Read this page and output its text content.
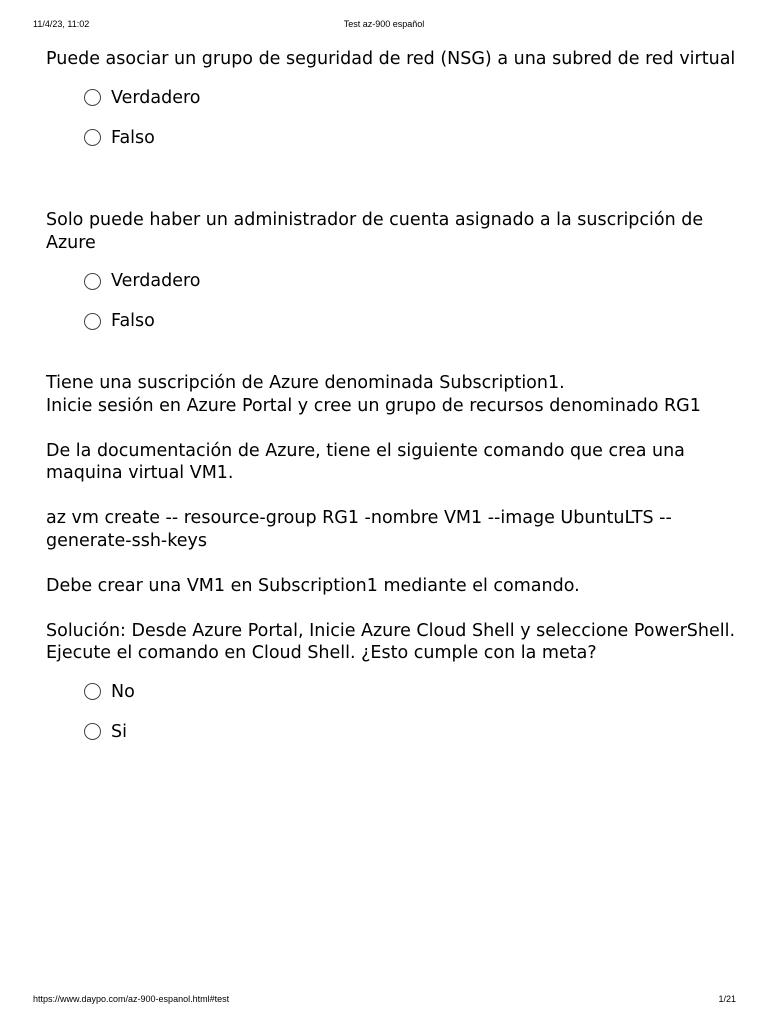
11/4/23, 11:02	Test az-900 español

Puede asociar un grupo de seguridad de red (NSG) a una subred de red virtual

Verdadero
Falso

Solo puede haber un administrador de cuenta asignado a la suscripción de Azure

Verdadero
Falso
Tiene una suscripción de Azure denominada Subscription1.
Inicie sesión en Azure Portal y cree un grupo de recursos denominado RG1

De la documentación de Azure, tiene el siguiente comando que crea una maquina virtual VM1.

az vm create -- resource-group RG1 -nombre VM1 --image UbuntuLTS --generate-ssh-keys

Debe crear una VM1 en Subscription1 mediante el comando.

Solución: Desde Azure Portal, Inicie Azure Cloud Shell y seleccione PowerShell. Ejecute el comando en Cloud Shell. ¿Esto cumple con la meta?

No
Si
https://www.daypo.com/az-900-espanol.html#test	1/21
